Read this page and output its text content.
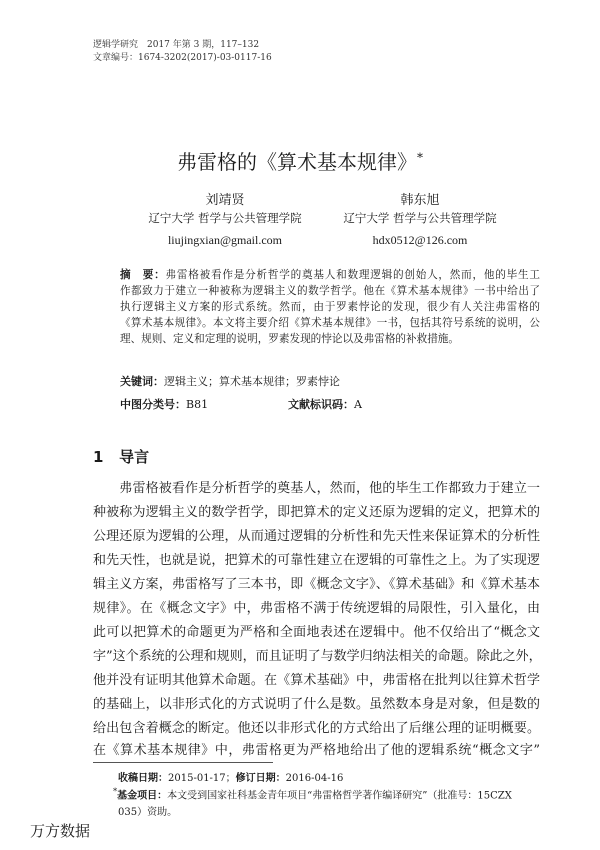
逻辑学研究　2017 年第 3 期，117–132
文章编号：1674-3202(2017)-03-0117-16
弗雷格的《算术基本规律》*
刘靖贤
辽宁大学 哲学与公共管理学院
liujingxian@gmail.com
韩东旭
辽宁大学 哲学与公共管理学院
hdx0512@126.com
摘　要：弗雷格被看作是分析哲学的奠基人和数理逻辑的创始人，然而，他的毕生工
作都致力于建立一种被称为逻辑主义的数学哲学。他在《算术基本规律》一书中给出了
执行逻辑主义方案的形式系统。然而，由于罗素悖论的发现，很少有人关注弗雷格的
《算术基本规律》。本文将主要介绍《算术基本规律》一书，包括其符号系统的说明，公
理、规则、定义和定理的说明，罗素发现的悖论以及弗雷格的补救措施。
关键词：逻辑主义；算术基本规律；罗素悖论
中图分类号：B81	文献标识码：A
1 导言
　　弗雷格被看作是分析哲学的奠基人，然而，他的毕生工作都致力于建立一
种被称为逻辑主义的数学哲学，即把算术的定义还原为逻辑的定义，把算术的
公理还原为逻辑的公理，从而通过逻辑的分析性和先天性来保证算术的分析性
和先天性，也就是说，把算术的可靠性建立在逻辑的可靠性之上。为了实现逻
辑主义方案，弗雷格写了三本书，即《概念文字》、《算术基础》和《算术基本
规律》。在《概念文字》中，弗雷格不满于传统逻辑的局限性，引入量化，由
此可以把算术的命题更为严格和全面地表述在逻辑中。他不仅给出了“概念文
字”这个系统的公理和规则，而且证明了与数学归纳法相关的命题。除此之外，
他并没有证明其他算术命题。在《算术基础》中，弗雷格在批判以往算术哲学
的基础上，以非形式化的方式说明了什么是数。虽然数本身是对象，但是数的
给出包含着概念的断定。他还以非形式化的方式给出了后继公理的证明概要。
在《算术基本规律》中，弗雷格更为严格地给出了他的逻辑系统“概念文字”
收稿日期：2015-01-17；修订日期：2016-04-16
*基金项目：本文受到国家社科基金青年项目“弗雷格哲学著作编译研究”（批准号：15CZX
035）资助。
万方数据
